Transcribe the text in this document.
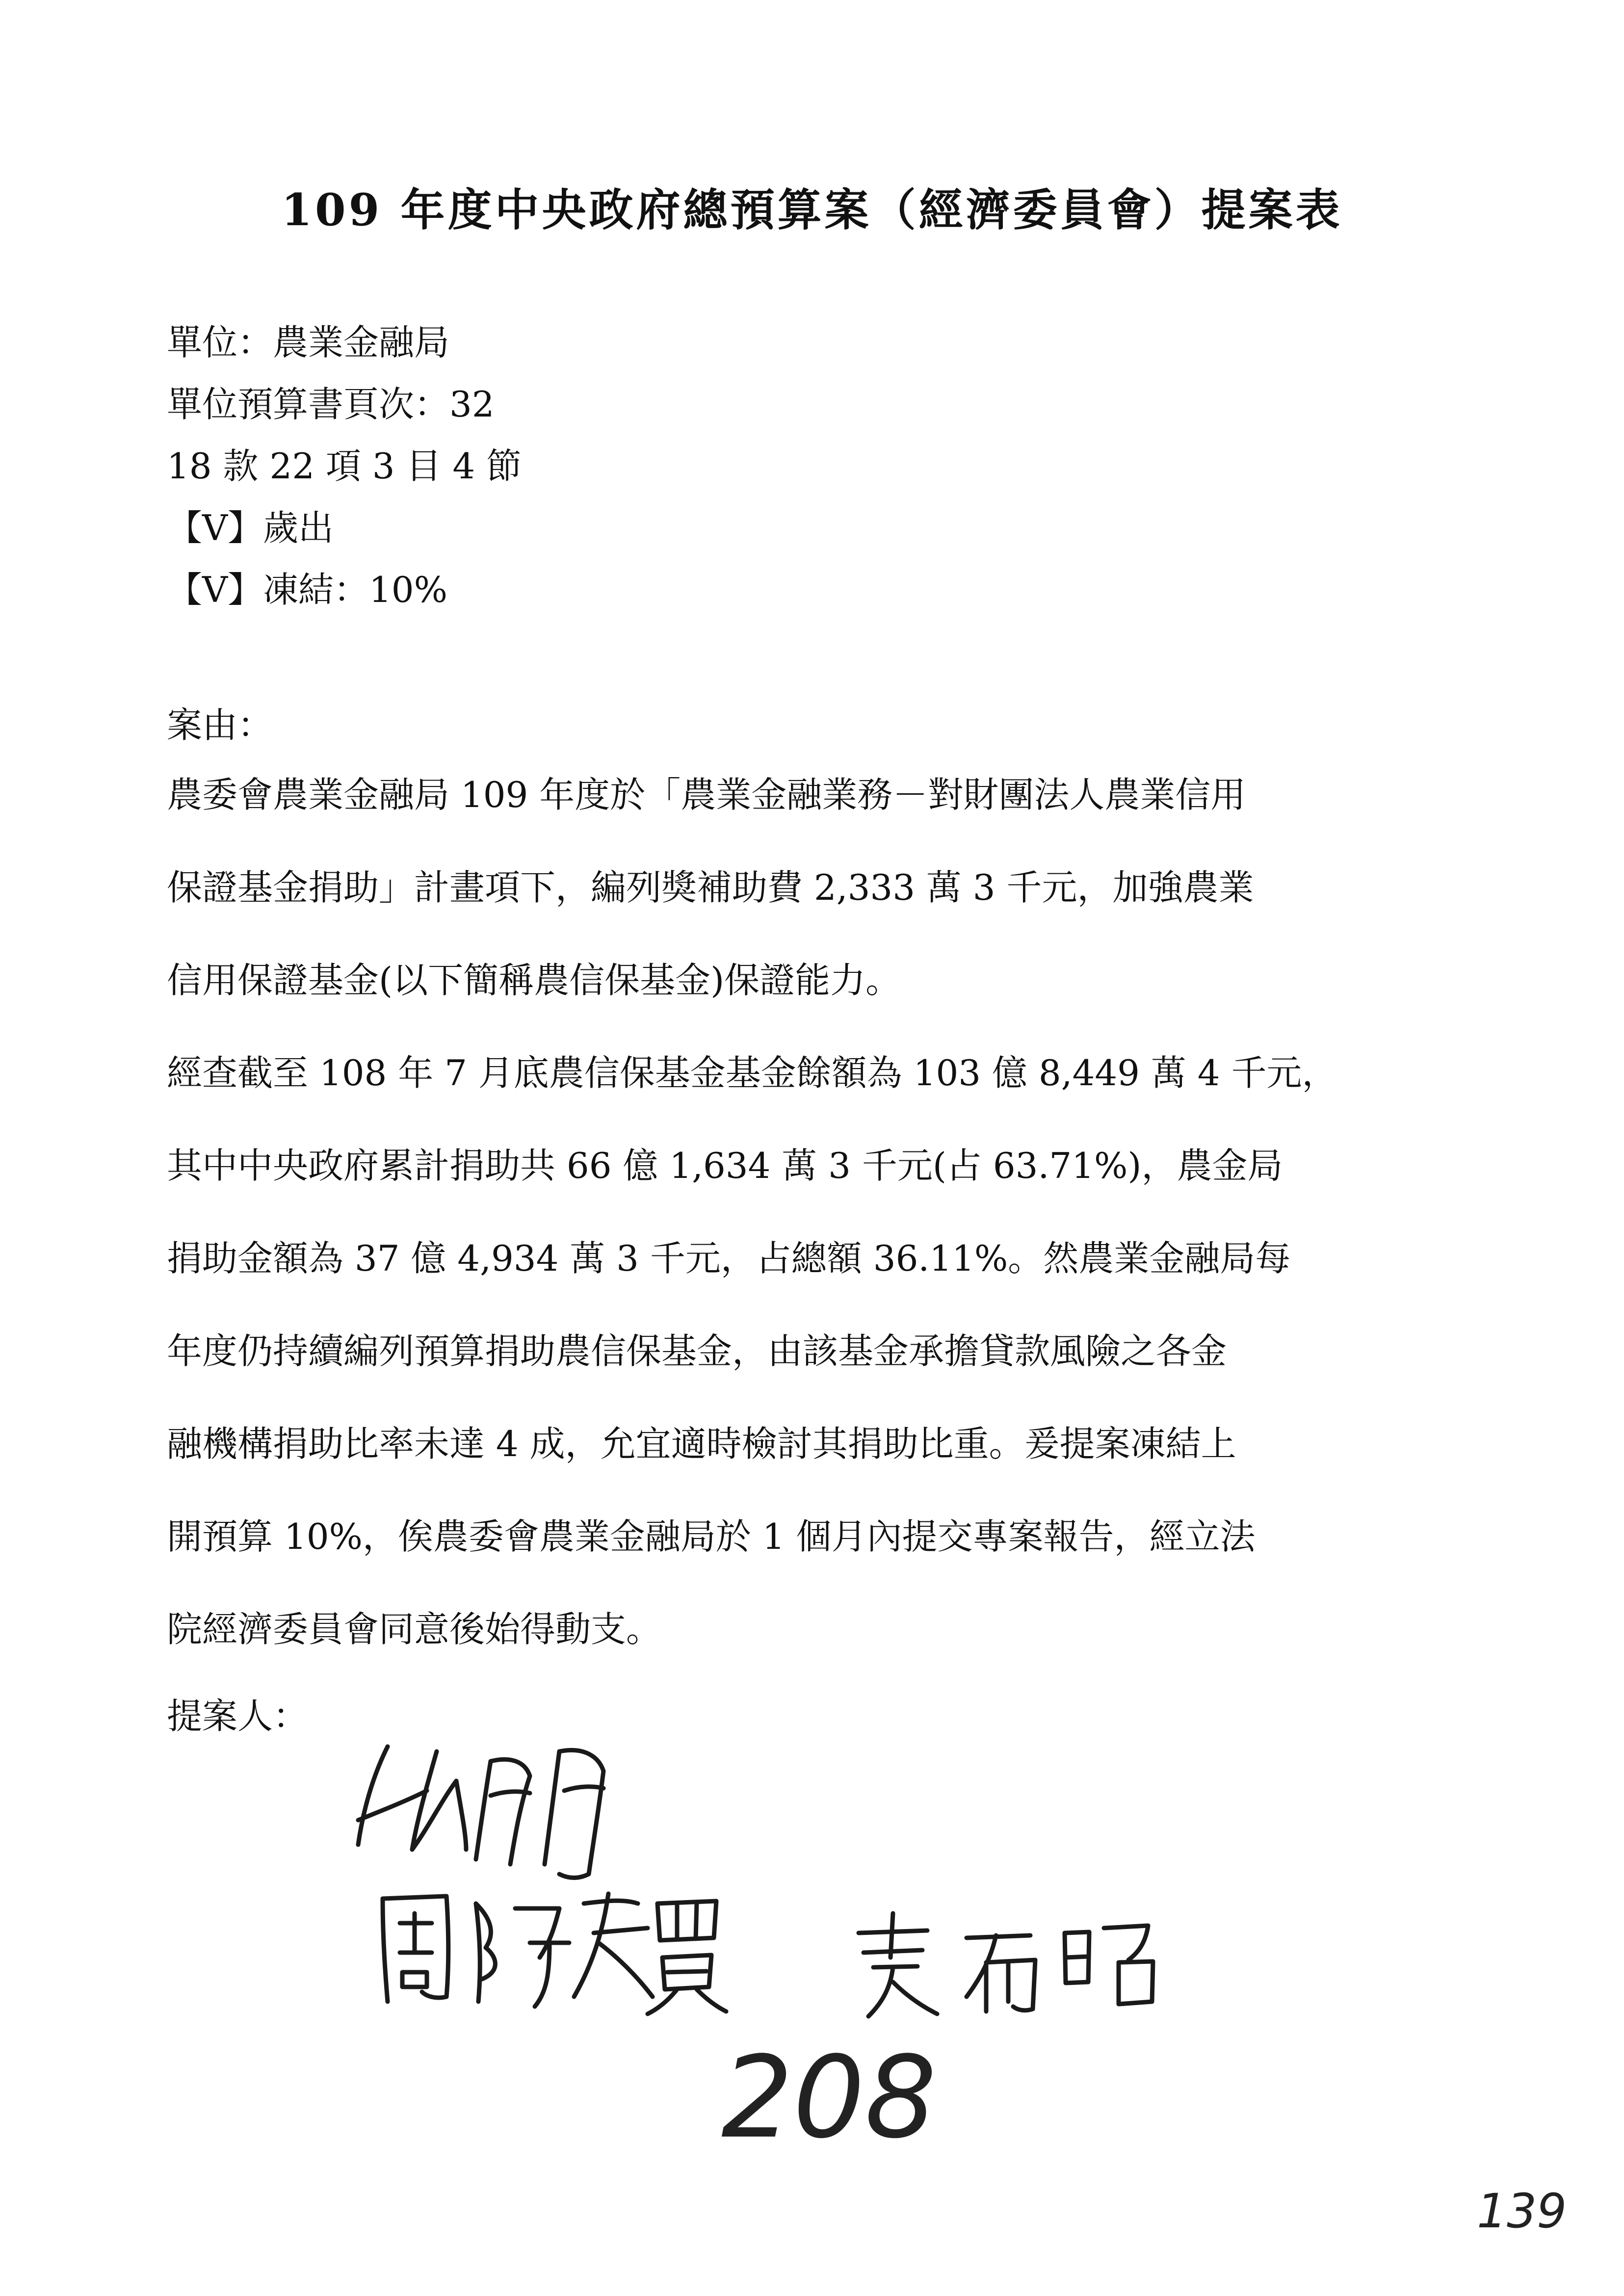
109 年度中央政府總預算案（經濟委員會）提案表
單位：農業金融局
單位預算書頁次：32
18 款 22 項 3 目 4 節
【V】歲出
【V】凍結：10%
案由：
農委會農業金融局 109 年度於「農業金融業務－對財團法人農業信用
保證基金捐助」計畫項下，編列獎補助費 2,333 萬 3 千元，加強農業
信用保證基金(以下簡稱農信保基金)保證能力。
經查截至 108 年 7 月底農信保基金基金餘額為 103 億 8,449 萬 4 千元，
其中中央政府累計捐助共 66 億 1,634 萬 3 千元(占 63.71%)，農金局
捐助金額為 37 億 4,934 萬 3 千元，占總額 36.11%。然農業金融局每
年度仍持續編列預算捐助農信保基金，由該基金承擔貸款風險之各金
融機構捐助比率未達 4 成，允宜適時檢討其捐助比重。爰提案凍結上
開預算 10%，俟農委會農業金融局於 1 個月內提交專案報告，經立法
院經濟委員會同意後始得動支。
提案人：
208
139
